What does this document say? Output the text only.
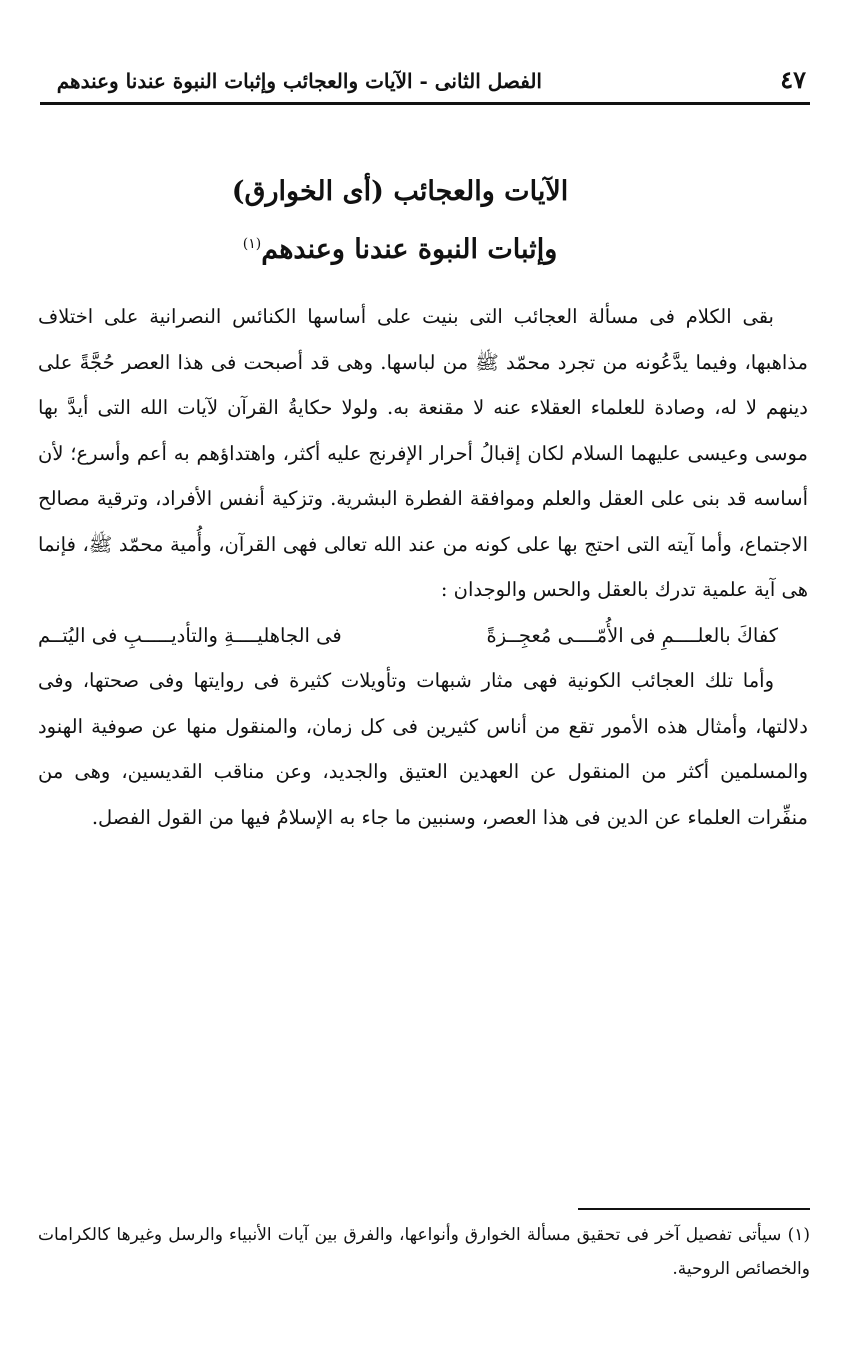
٤٧
الفصل الثانى - الآيات والعجائب وإثبات النبوة عندنا وعندهم
الآيات والعجائب (أى الخوارق)
وإثبات النبوة عندنا وعندهم$^{(١)}$

بقى الكلام فى مسألة العجائب التى بنيت على أساسها الكنائس النصرانية على اختلاف مذاهبها، وفيما يدَّعُونه من تجرد محمّد ﷺ من لباسها. وهى قد أصبحت فى هذا العصر حُجَّةً على دينهم لا له، وصادة للعلماء العقلاء عنه لا مقنعة به. ولولا حكايةُ القرآن لآيات الله التى أيدَّ بها موسى وعيسى عليهما السلام لكان إقبالُ أحرار الإفرنج عليه أكثر، واهتداؤهم به أعم وأسرع؛ لأن أساسه قد بنى على العقل والعلم وموافقة الفطرة البشرية. وتزكية أنفس الأفراد، وترقية مصالح الاجتماع، وأما آيته التى احتج بها على كونه من عند الله تعالى فهى القرآن، وأُمية محمّد ﷺ، فإنما هى آية علمية تدرك بالعقل والحس والوجدان :

كفاكَ بالعلــــمِ فى الأُمّــــى مُعجِــزةً
فى الجاهليــــةِ والتأديـــــبِ فى اليُتــم

وأما تلك العجائب الكونية فهى مثار شبهات وتأويلات كثيرة فى روايتها وفى صحتها، وفى دلالتها، وأمثال هذه الأمور تقع من أناس كثيرين فى كل زمان، والمنقول منها عن صوفية الهنود والمسلمين أكثر من المنقول عن العهدين العتيق والجديد، وعن مناقب القديسين، وهى من منفِّرات العلماء عن الدين فى هذا العصر، وسنبين ما جاء به الإسلامُ فيها من القول الفصل.

(١) سيأتى تفصيل آخر فى تحقيق مسألة الخوارق وأنواعها، والفرق بين آيات الأنبياء والرسل وغيرها كالكرامات والخصائص الروحية.
